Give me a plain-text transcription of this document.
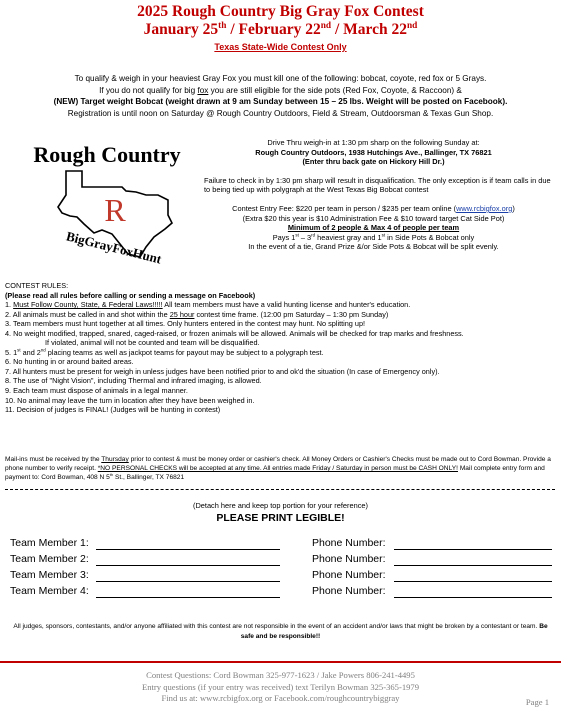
2025 Rough Country Big Gray Fox Contest
January 25th / February 22nd / March 22nd
Texas State-Wide Contest Only
To qualify & weigh in your heaviest Gray Fox you must kill one of the following: bobcat, coyote, red fox or 5 Grays.
If you do not qualify for big fox you are still eligible for the side pots (Red Fox, Coyote, & Raccoon) &
(NEW) Target weight Bobcat (weight drawn at 9 am Sunday between 15 – 25 lbs. Weight will be posted on Facebook).
Registration is until noon on Saturday @ Rough Country Outdoors, Field & Stream, Outdoorsman & Texas Gun Shop.
Rough Country
R
BigGrayFoxHunt
Drive Thru weigh-in at 1:30 pm sharp on the following Sunday at:
Rough Country Outdoors, 1938 Hutchings Ave., Ballinger, TX 76821
(Enter thru back gate on Hickory Hill Dr.)
Failure to check in by 1:30 pm sharp will result in disqualification. The only exception is if team calls in due to being tied up with polygraph at the West Texas Big Bobcat contest
Contest Entry Fee: $220 per team in person / $235 per team online (www.rcbigfox.org)
(Extra $20 this year is $10 Administration Fee & $10 toward target Cat Side Pot)
Minimum of 2 people & Max 4 of people per team
Pays 1st – 3rd heaviest gray and 1st in Side Pots & Bobcat only
In the event of a tie, Grand Prize &/or Side Pots & Bobcat will be split evenly.
CONTEST RULES:
(Please read all rules before calling or sending a message on Facebook)
1. Must Follow County, State, & Federal Laws!!!!! All team members must have a valid hunting license and hunter's education.
2. All animals must be called in and shot within the 25 hour contest time frame. (12:00 pm Saturday – 1:30 pm Sunday)
3. Team members must hunt together at all times. Only hunters entered in the contest may hunt. No splitting up!
4. No weight modified, trapped, snared, caged-raised, or frozen animals will be allowed. Animals will be checked for trap marks and freshness.
If violated, animal will not be counted and team will be disqualified.
5. 1st and 2nd placing teams as well as jackpot teams for payout may be subject to a polygraph test.
6. No hunting in or around baited areas.
7. All hunters must be present for weigh in unless judges have been notified prior to and ok'd the situation (In case of Emergency only).
8. The use of "Night Vision", including Thermal and infrared imaging, is allowed.
9. Each team must dispose of animals in a legal manner.
10. No animal may leave the turn in location after they have been weighed in.
11. Decision of judges is FINAL! (Judges will be hunting in contest)
Mail-ins must be received by the Thursday prior to contest & must be money order or cashier's check. All Money Orders or Cashier's Checks must be made out to Cord Bowman. Provide a phone number to verify receipt. *NO PERSONAL CHECKS will be accepted at any time. All entries made Friday / Saturday in person must be CASH ONLY! Mail complete entry form and payment to: Cord Bowman, 408 N 5th St., Ballinger, TX 76821
(Detach here and keep top portion for your reference)
PLEASE PRINT LEGIBLE!
Team Member 1:	Phone Number:
Team Member 2:	Phone Number:
Team Member 3:	Phone Number:
Team Member 4:	Phone Number:
All judges, sponsors, contestants, and/or anyone affiliated with this contest are not responsible in the event of an accident and/or laws that might be broken by a contestant or team. Be safe and be responsible!!
Contest Questions: Cord Bowman 325-977-1623 / Jake Powers 806-241-4495
Entry questions (if your entry was received) text Terilyn Bowman 325-365-1979
Find us at: www.rcbigfox.org or Facebook.com/roughcountrybiggray	Page 1
